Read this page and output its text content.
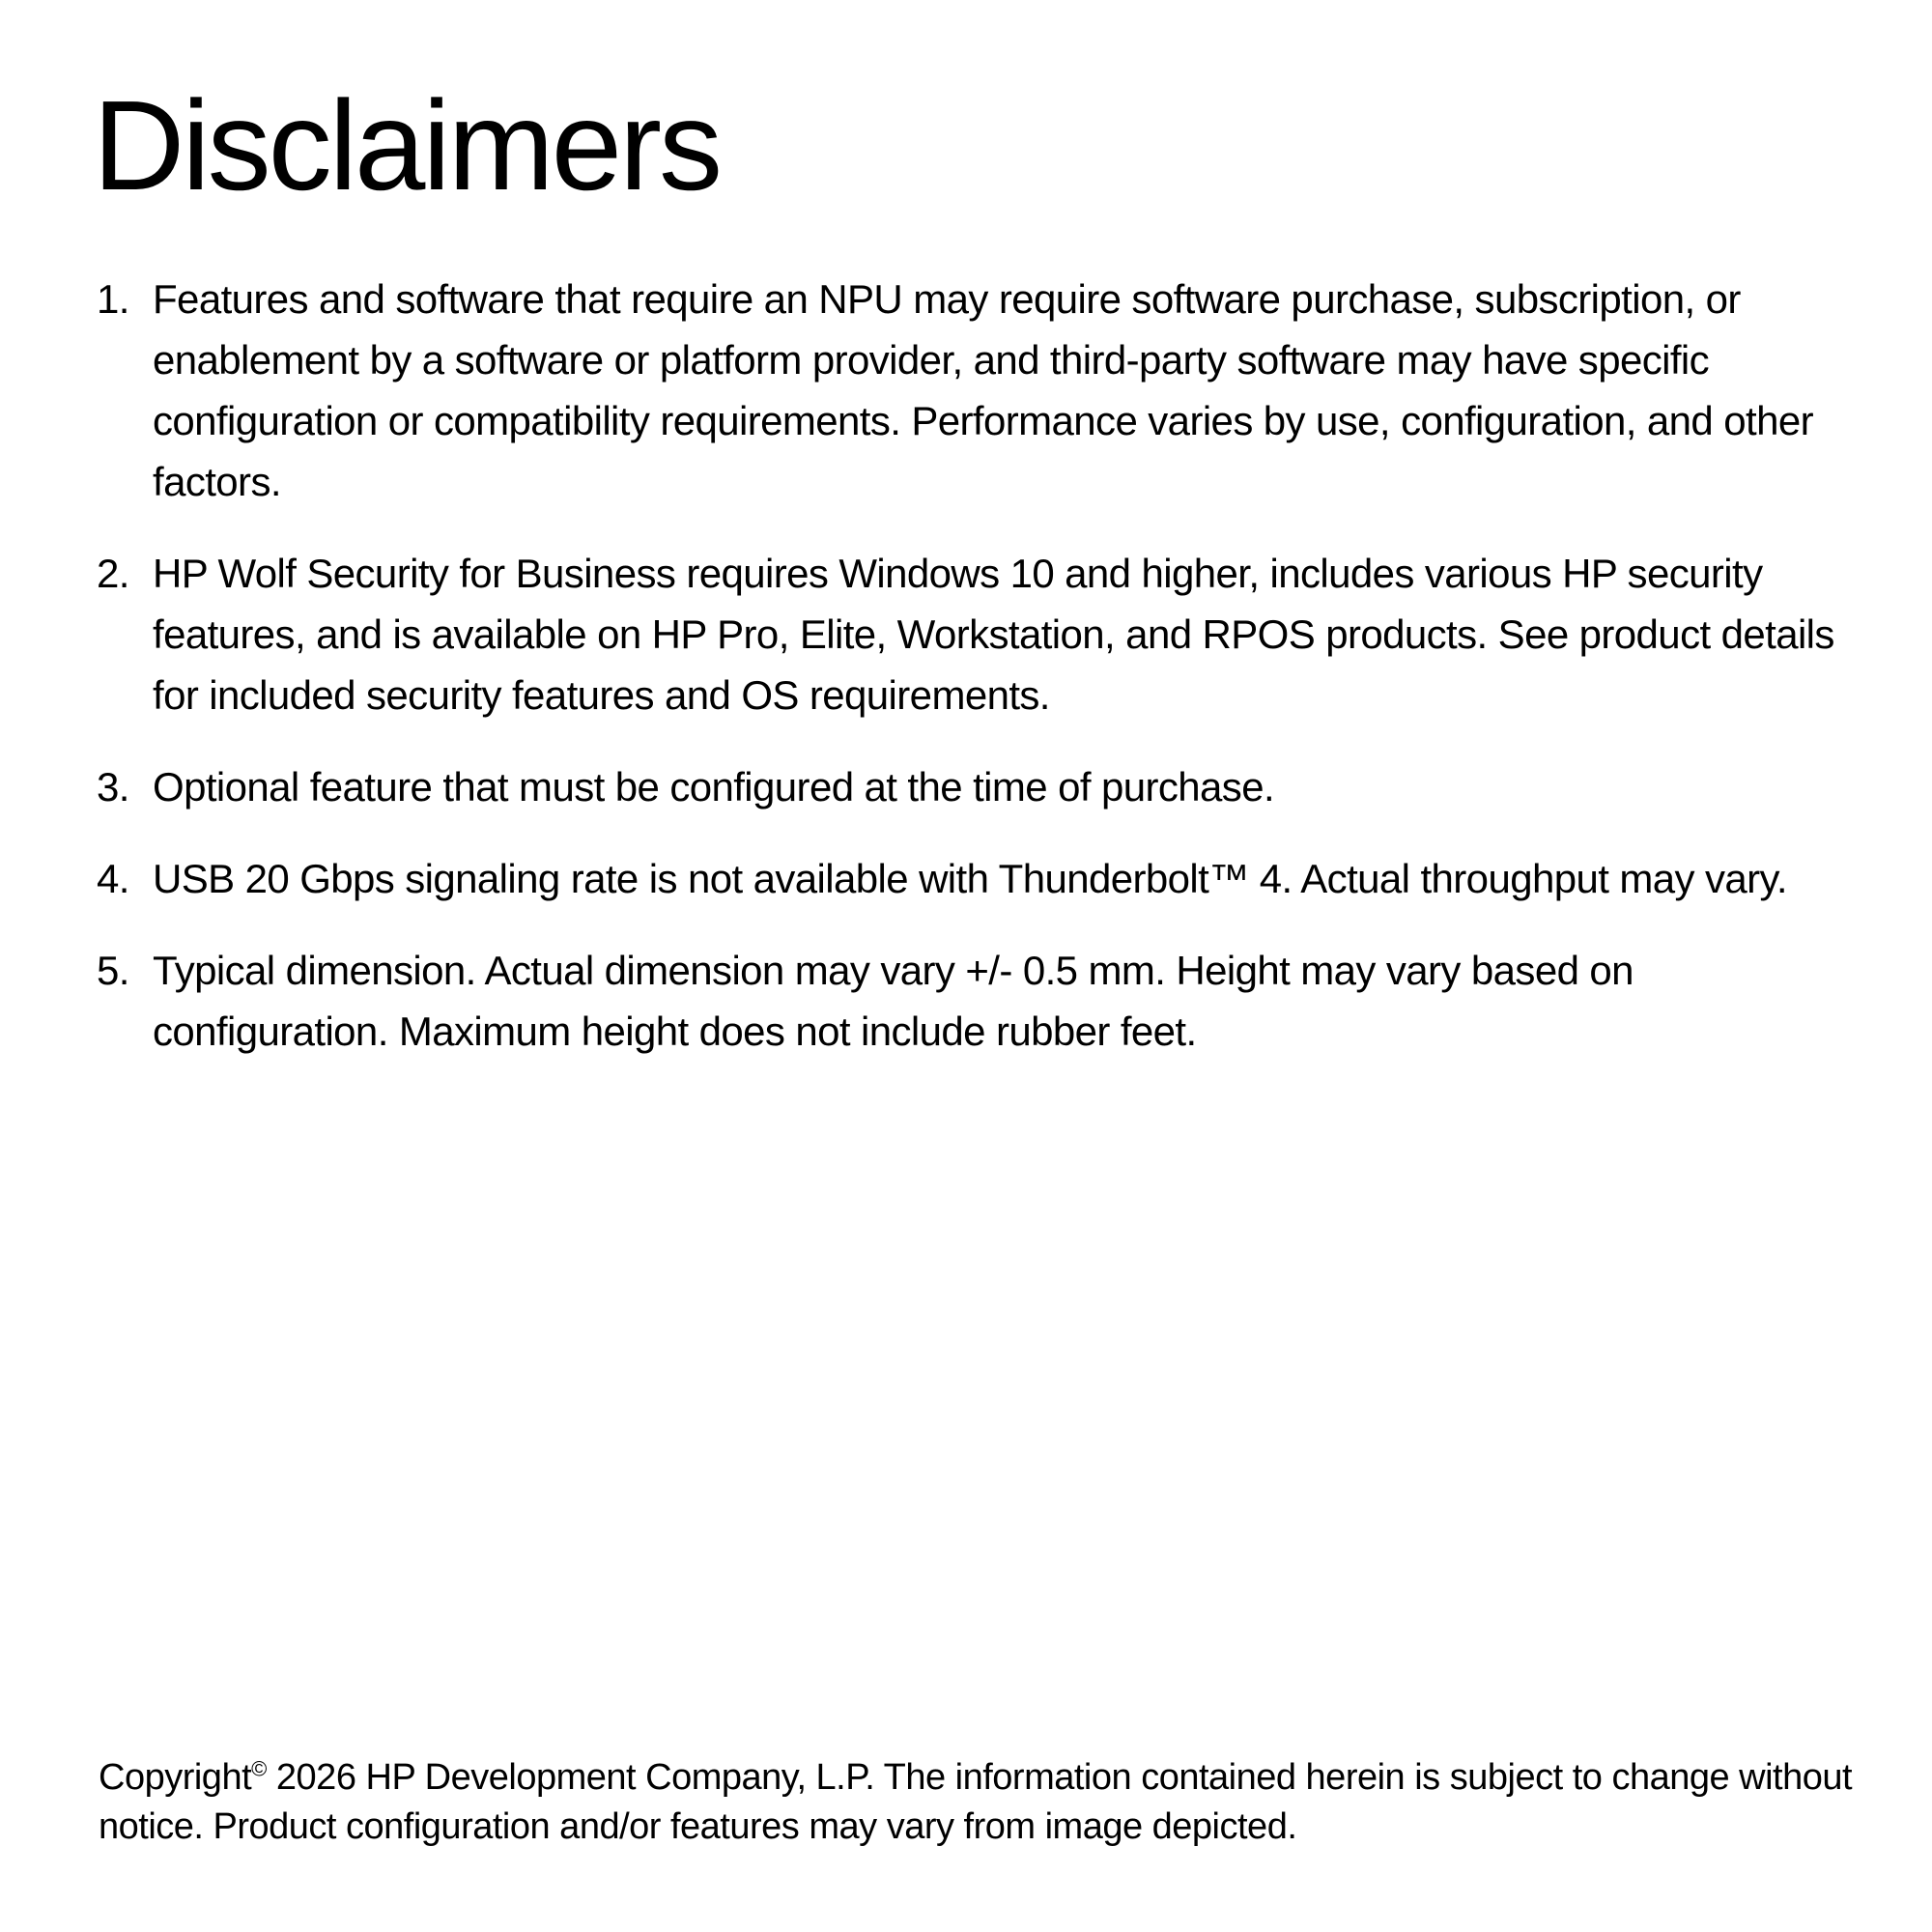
Disclaimers
1. Features and software that require an NPU may require software purchase, subscription, or enablement by a software or platform provider, and third-party software may have specific configuration or compatibility requirements. Performance varies by use, configuration, and other factors.
2. HP Wolf Security for Business requires Windows 10 and higher, includes various HP security features, and is available on HP Pro, Elite, Workstation, and RPOS products. See product details for included security features and OS requirements.
3. Optional feature that must be configured at the time of purchase.
4. USB 20 Gbps signaling rate is not available with Thunderbolt™ 4. Actual throughput may vary.
5. Typical dimension. Actual dimension may vary +/- 0.5 mm. Height may vary based on configuration. Maximum height does not include rubber feet.

Copyright© 2026 HP Development Company, L.P. The information contained herein is subject to change without notice. Product configuration and/or features may vary from image depicted.
